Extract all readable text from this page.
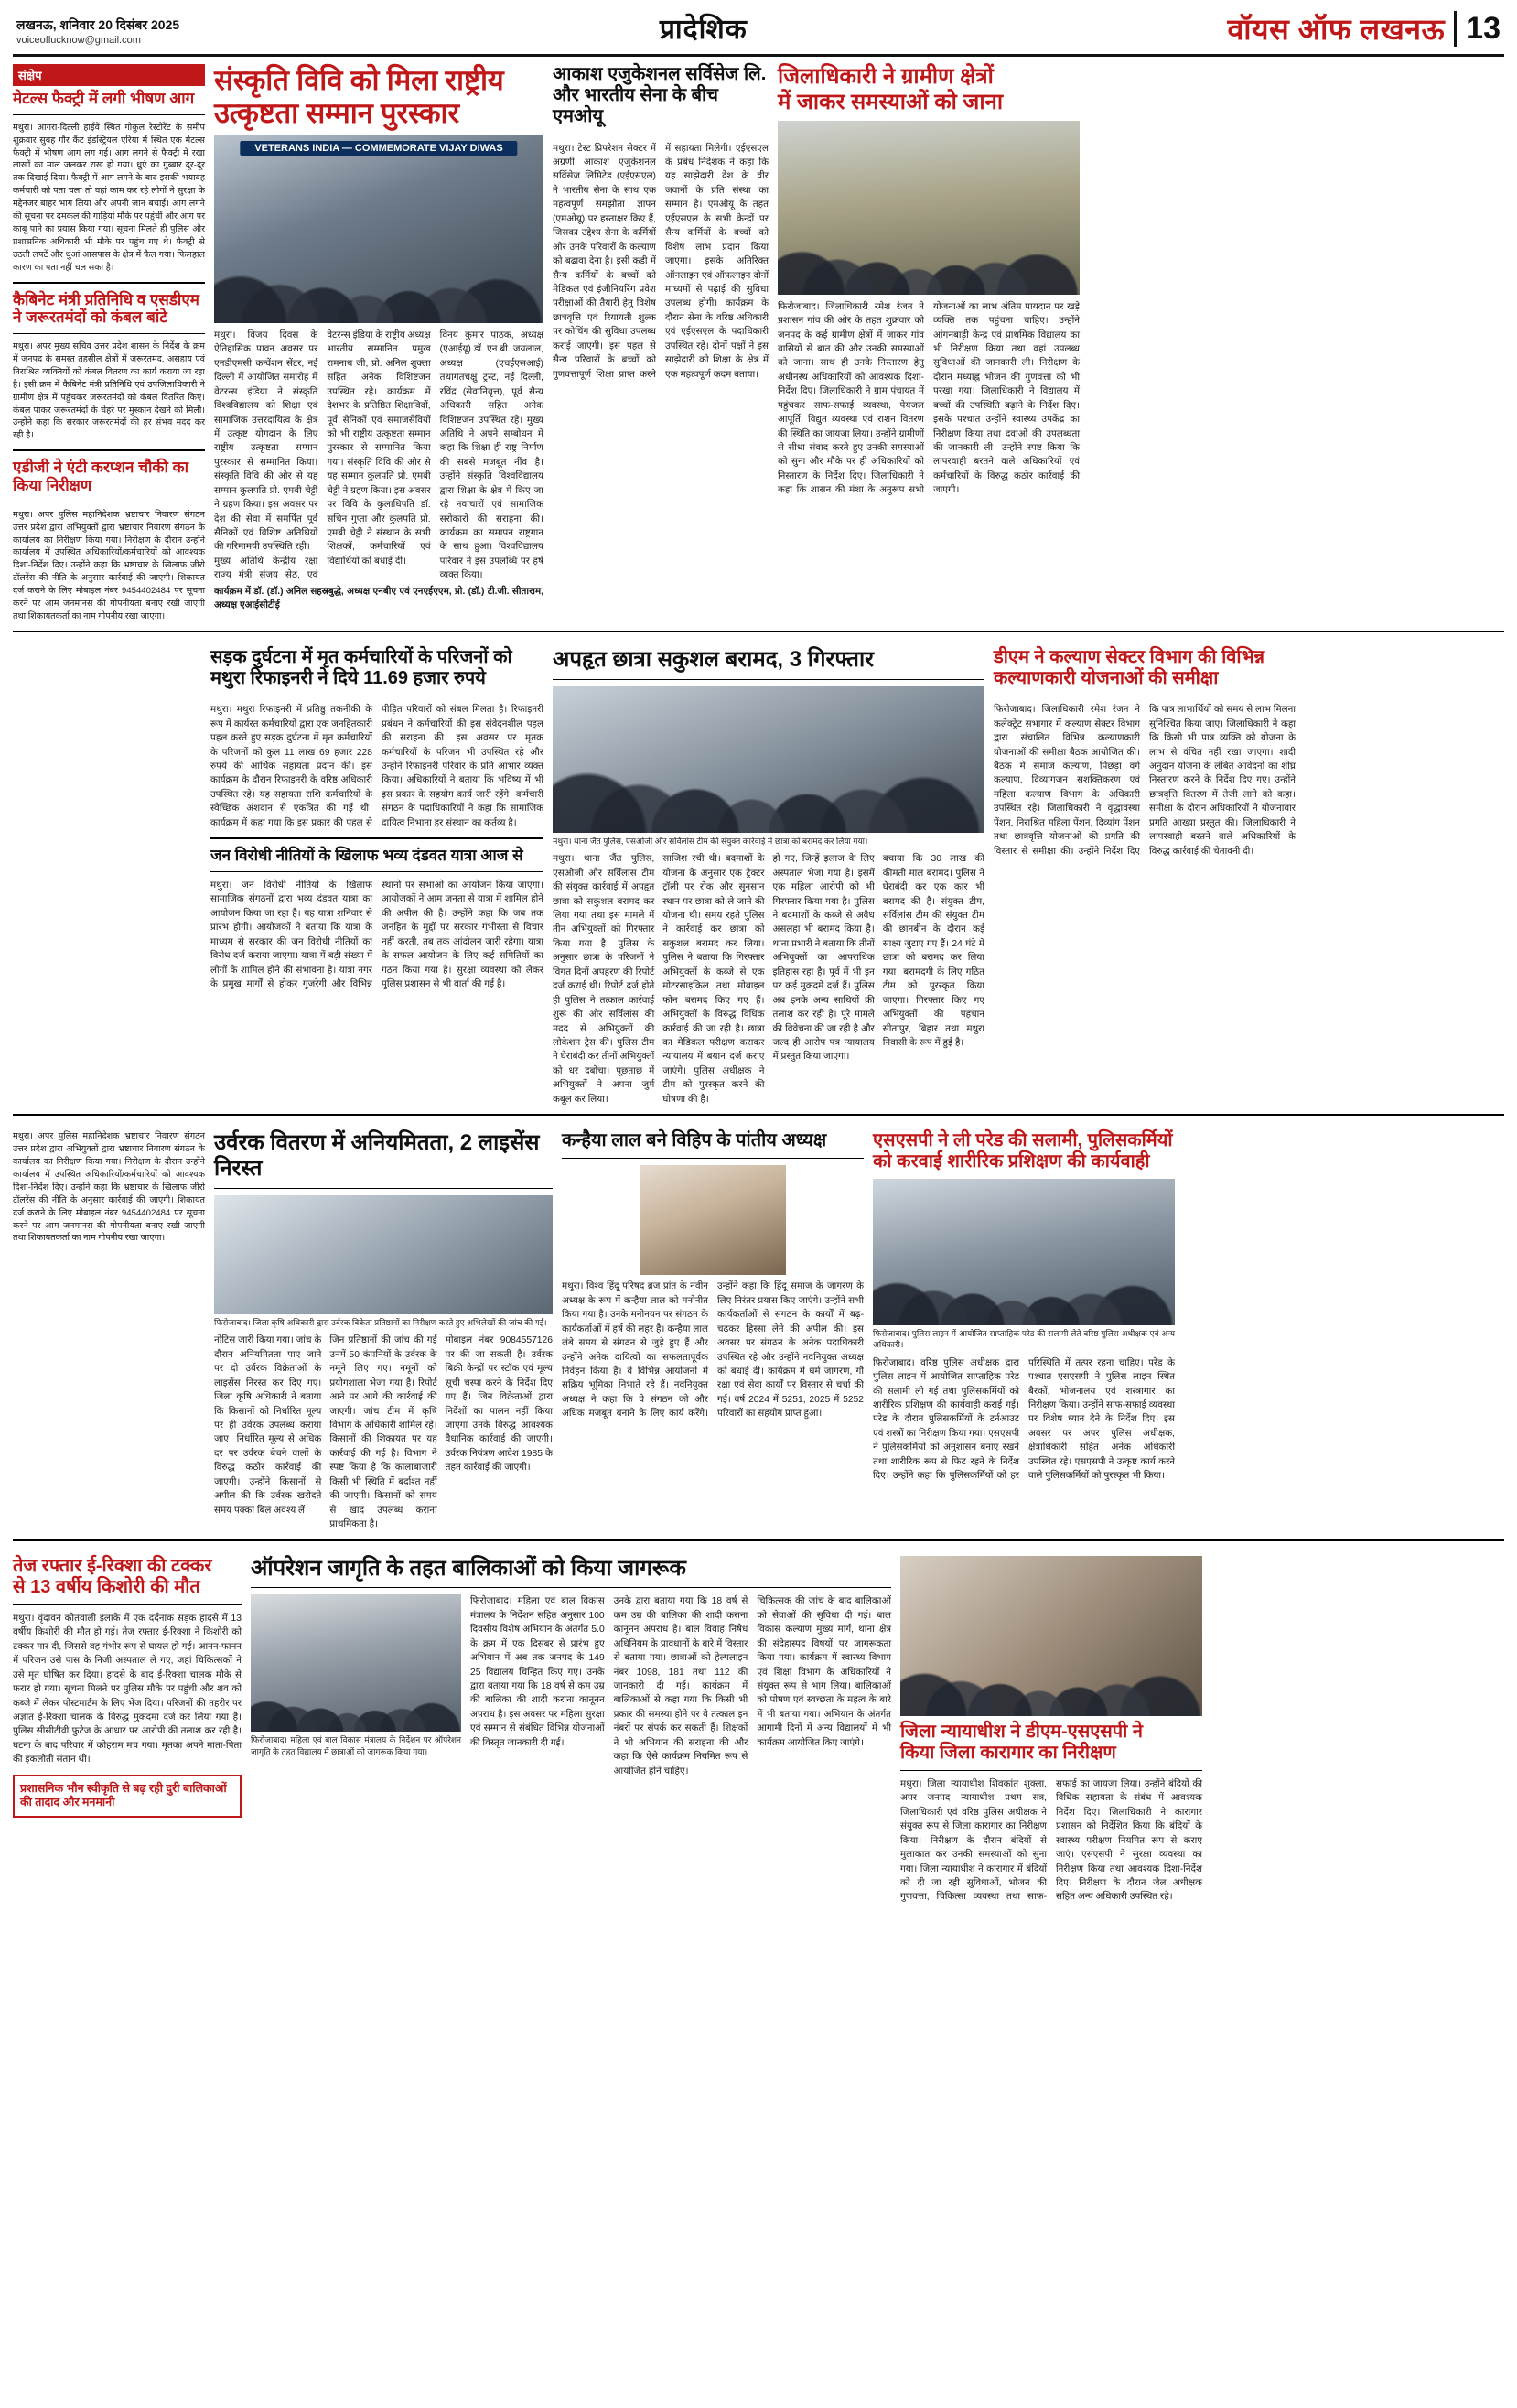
लखनऊ, शनिवार 20 दिसंबर 2025
voiceoflucknow@gmail.com	प्रादेशिक	वॉयस ऑफ लखनऊ 13
संक्षेप
मेटल्स फैक्ट्री में लगी भीषण आग
मथुरा। आगरा-दिल्ली हाईवे स्थित गोकुल रेस्टोरेंट के समीप शुक्रवार सुबह गौर कैंट इंडस्ट्रियल एरिया में स्थित एक मेटल्स फैक्ट्री में भीषण आग लग गई। आग लगने से फैक्ट्री में रखा लाखों का माल जलकर राख हो गया। धुएं का गुब्बार दूर-दूर तक दिखाई दिया। फैक्ट्री में आग लगने के बाद इसकी भयावह कर्मचारी को पता चला तो वहां काम कर रहे लोगों ने सुरक्षा के मद्देनजर बाहर भाग लिया और अपनी जान बचाई। आग लगने की सूचना पर दमकल की गाड़ियां मौके पर पहुंचीं और आग पर काबू पाने का प्रयास किया गया। सूचना मिलते ही पुलिस और प्रशासनिक अधिकारी भी मौके पर पहुंच गए थे। फैक्ट्री से उठती लपटें और धुआं आसपास के क्षेत्र में फैल गया। फिलहाल कारण का पता नहीं चल सका है।
कैबिनेट मंत्री प्रतिनिधि व एसडीएम ने जरूरतमंदों को कंबल बांटे
मथुरा। अपर मुख्य सचिव उत्तर प्रदेश शासन के निर्देश के क्रम में जनपद के समस्त तहसील क्षेत्रों में जरूरतमंद, असहाय एवं निराश्रित व्यक्तियों को कंबल वितरण का कार्य कराया जा रहा है। इसी क्रम में कैबिनेट मंत्री प्रतिनिधि एवं उपजिलाधिकारी ने ग्रामीण क्षेत्र में पहुंचकर जरूरतमंदों को कंबल वितरित किए। कंबल पाकर जरूरतमंदों के चेहरे पर मुस्कान देखने को मिली। उन्होंने कहा कि सरकार जरूरतमंदों की हर संभव मदद कर रही है।
एडीजी ने एंटी करप्शन चौकी का किया निरीक्षण
मथुरा। अपर पुलिस महानिदेशक भ्रष्टाचार निवारण संगठन उत्तर प्रदेश द्वारा अभियुक्तों द्वारा भ्रष्टाचार निवारण संगठन के कार्यालय का निरीक्षण किया गया। निरीक्षण के दौरान उन्होंने कार्यालय में उपस्थित अधिकारियों/कर्मचारियों को आवश्यक दिशा-निर्देश दिए। उन्होंने कहा कि भ्रष्टाचार के खिलाफ जीरो टॉलरेंस की नीति के अनुसार कार्रवाई की जाएगी। शिकायत दर्ज कराने के लिए मोबाइल नंबर 9454402484 पर सूचना करने पर आम जनमानस की गोपनीयता बनाए रखी जाएगी तथा शिकायतकर्ता का नाम गोपनीय रखा जाएगा।
संस्कृति विवि को मिला राष्ट्रीय
उत्कृष्टता सम्मान पुरस्कार
VETERANS INDIA — COMMEMORATE VIJAY DIWAS
मथुरा। विजय दिवस के ऐतिहासिक पावन अवसर पर एनडीएमसी कन्वेंशन सेंटर, नई दिल्ली में आयोजित समारोह में वेटरन्स इंडिया ने संस्कृति विश्वविद्यालय को शिक्षा एवं सामाजिक उत्तरदायित्व के क्षेत्र में उत्कृष्ट योगदान के लिए राष्ट्रीय उत्कृष्टता सम्मान पुरस्कार से सम्मानित किया। संस्कृति विवि की ओर से यह सम्मान कुलपति प्रो. एमबी चेट्टी ने ग्रहण किया। इस अवसर पर देश की सेवा में समर्पित पूर्व सैनिकों एवं विशिष्ट अतिथियों की गरिमामयी उपस्थिति रही।
मुख्य अतिथि केन्द्रीय रक्षा राज्य मंत्री संजय सेठ, एवं वेटरन्स इंडिया के राष्ट्रीय अध्यक्ष भारतीय सम्मानित प्रमुख रामनाथ जी, प्रो. अनिल शुक्ला सहित अनेक विशिष्टजन उपस्थित रहे। कार्यक्रम में देशभर के प्रतिष्ठित शिक्षाविदों, पूर्व सैनिकों एवं समाजसेवियों को भी राष्ट्रीय उत्कृष्टता सम्मान पुरस्कार से सम्मानित किया गया। संस्कृति विवि की ओर से यह सम्मान कुलपति प्रो. एमबी चेट्टी ने ग्रहण किया। इस अवसर पर विवि के कुलाधिपति डॉ. सचिन गुप्ता और कुलपति प्रो. एमबी चेट्टी ने संस्थान के सभी शिक्षकों, कर्मचारियों एवं विद्यार्थियों को बधाई दी।
विनय कुमार पाठक, अध्यक्ष (एआईयू) डॉ. एन.बी. जयलाल, अध्यक्ष (एचईएसआई) तथागतचक्षु ट्रस्ट, नई दिल्ली, रविंद्र (सेवानिवृत्त), पूर्व सैन्य अधिकारी सहित अनेक विशिष्टजन उपस्थित रहे। मुख्य अतिथि ने अपने सम्बोधन में कहा कि शिक्षा ही राष्ट्र निर्माण की सबसे मजबूत नींव है। उन्होंने संस्कृति विश्वविद्यालय द्वारा शिक्षा के क्षेत्र में किए जा रहे नवाचारों एवं सामाजिक सरोकारों की सराहना की। कार्यक्रम का समापन राष्ट्रगान के साथ हुआ। विश्वविद्यालय परिवार ने इस उपलब्धि पर हर्ष व्यक्त किया।
कार्यक्रम में डॉ. (डॉ.) अनिल सहस्रबुद्धे, अध्यक्ष एनबीए एवं एनएईएएम, प्रो. (डॉ.) टी.जी. सीताराम, अध्यक्ष एआईसीटीई
आकाश एजुकेशनल सर्विसेज लि. और भारतीय सेना के बीच एमओयू
मथुरा। टेस्ट प्रिपरेशन सेक्टर में अग्रणी आकाश एजुकेशनल सर्विसेज लिमिटेड (एईएसएल) ने भारतीय सेना के साथ एक महत्वपूर्ण समझौता ज्ञापन (एमओयू) पर हस्ताक्षर किए हैं, जिसका उद्देश्य सेना के कर्मियों और उनके परिवारों के कल्याण को बढ़ावा देना है। इसी कड़ी में सैन्य कर्मियों के बच्चों को मेडिकल एवं इंजीनियरिंग प्रवेश परीक्षाओं की तैयारी हेतु विशेष छात्रवृत्ति एवं रियायती शुल्क पर कोचिंग की सुविधा उपलब्ध कराई जाएगी। इस पहल से सैन्य परिवारों के बच्चों को गुणवत्तापूर्ण शिक्षा प्राप्त करने में सहायता मिलेगी। एईएसएल के प्रबंध निदेशक ने कहा कि यह साझेदारी देश के वीर जवानों के प्रति संस्था का सम्मान है। एमओयू के तहत एईएसएल के सभी केन्द्रों पर सैन्य कर्मियों के बच्चों को विशेष लाभ प्रदान किया जाएगा। इसके अतिरिक्त ऑनलाइन एवं ऑफलाइन दोनों माध्यमों से पढ़ाई की सुविधा उपलब्ध होगी। कार्यक्रम के दौरान सेना के वरिष्ठ अधिकारी एवं एईएसएल के पदाधिकारी उपस्थित रहे। दोनों पक्षों ने इस साझेदारी को शिक्षा के क्षेत्र में एक महत्वपूर्ण कदम बताया।
जिलाधिकारी ने ग्रामीण क्षेत्रों
में जाकर समस्याओं को जाना
फिरोजाबाद। जिलाधिकारी रमेश रंजन ने प्रशासन गांव की ओर के तहत शुक्रवार को जनपद के कई ग्रामीण क्षेत्रों में जाकर गांव वासियों से बात की और उनकी समस्याओं को जाना। साथ ही उनके निस्तारण हेतु अधीनस्थ अधिकारियों को आवश्यक दिशा-निर्देश दिए। जिलाधिकारी ने ग्राम पंचायत में पहुंचकर साफ-सफाई व्यवस्था, पेयजल आपूर्ति, विद्युत व्यवस्था एवं राशन वितरण की स्थिति का जायजा लिया। उन्होंने ग्रामीणों से सीधा संवाद करते हुए उनकी समस्याओं को सुना और मौके पर ही अधिकारियों को निस्तारण के निर्देश दिए। जिलाधिकारी ने कहा कि शासन की मंशा के अनुरूप सभी योजनाओं का लाभ अंतिम पायदान पर खड़े व्यक्ति तक पहुंचना चाहिए। उन्होंने आंगनबाड़ी केन्द्र एवं प्राथमिक विद्यालय का भी निरीक्षण किया तथा वहां उपलब्ध सुविधाओं की जानकारी ली। निरीक्षण के दौरान मध्याह्न भोजन की गुणवत्ता को भी परखा गया। जिलाधिकारी ने विद्यालय में बच्चों की उपस्थिति बढ़ाने के निर्देश दिए। इसके पश्चात उन्होंने स्वास्थ्य उपकेंद्र का निरीक्षण किया तथा दवाओं की उपलब्धता की जानकारी ली। उन्होंने स्पष्ट किया कि लापरवाही बरतने वाले अधिकारियों एवं कर्मचारियों के विरुद्ध कठोर कार्रवाई की जाएगी।
सड़क दुर्घटना में मृत कर्मचारियों के परिजनों को
मथुरा रिफाइनरी ने दिये 11.69 हजार रुपये
मथुरा। मथुरा रिफाइनरी में प्रतिष्ठु तकनीकी के रूप में कार्यरत कर्मचारियों द्वारा एक जनहितकारी पहल करते हुए सड़क दुर्घटना में मृत कर्मचारियों के परिजनों को कुल 11 लाख 69 हजार 228 रुपये की आर्थिक सहायता प्रदान की। इस कार्यक्रम के दौरान रिफाइनरी के वरिष्ठ अधिकारी उपस्थित रहे। यह सहायता राशि कर्मचारियों के स्वैच्छिक अंशदान से एकत्रित की गई थी। कार्यक्रम में कहा गया कि इस प्रकार की पहल से पीड़ित परिवारों को संबल मिलता है। रिफाइनरी प्रबंधन ने कर्मचारियों की इस संवेदनशील पहल की सराहना की। इस अवसर पर मृतक कर्मचारियों के परिजन भी उपस्थित रहे और उन्होंने रिफाइनरी परिवार के प्रति आभार व्यक्त किया। अधिकारियों ने बताया कि भविष्य में भी इस प्रकार के सहयोग कार्य जारी रहेंगे। कर्मचारी संगठन के पदाधिकारियों ने कहा कि सामाजिक दायित्व निभाना हर संस्थान का कर्तव्य है।
जन विरोधी नीतियों के खिलाफ भव्य दंडवत यात्रा आज से
मथुरा। जन विरोधी नीतियों के खिलाफ सामाजिक संगठनों द्वारा भव्य दंडवत यात्रा का आयोजन किया जा रहा है। यह यात्रा शनिवार से प्रारंभ होगी। आयोजकों ने बताया कि यात्रा के माध्यम से सरकार की जन विरोधी नीतियों का विरोध दर्ज कराया जाएगा। यात्रा में बड़ी संख्या में लोगों के शामिल होने की संभावना है। यात्रा नगर के प्रमुख मार्गों से होकर गुजरेगी और विभिन्न स्थानों पर सभाओं का आयोजन किया जाएगा। आयोजकों ने आम जनता से यात्रा में शामिल होने की अपील की है। उन्होंने कहा कि जब तक जनहित के मुद्दों पर सरकार गंभीरता से विचार नहीं करती, तब तक आंदोलन जारी रहेगा। यात्रा के सफल आयोजन के लिए कई समितियों का गठन किया गया है। सुरक्षा व्यवस्था को लेकर पुलिस प्रशासन से भी वार्ता की गई है।
अपहृत छात्रा सकुशल बरामद, 3 गिरफ्तार
मथुरा। थाना जैंत पुलिस, एसओजी और सर्विलांस टीम की संयुक्त कार्रवाई में छात्रा को बरामद कर लिया गया।
मथुरा। थाना जैंत पुलिस, एसओजी और सर्विलांस टीम की संयुक्त कार्रवाई में अपहृत छात्रा को सकुशल बरामद कर लिया गया तथा इस मामले में तीन अभियुक्तों को गिरफ्तार किया गया है। पुलिस के अनुसार छात्रा के परिजनों ने विगत दिनों अपहरण की रिपोर्ट दर्ज कराई थी। रिपोर्ट दर्ज होते ही पुलिस ने तत्काल कार्रवाई शुरू की और सर्विलांस की मदद से अभियुक्तों की लोकेशन ट्रेस की। पुलिस टीम ने घेराबंदी कर तीनों अभियुक्तों को धर दबोचा। पूछताछ में अभियुक्तों ने अपना जुर्म कबूल कर लिया।
साजिश रची थी। बदमाशों के योजना के अनुसार एक ट्रैक्टर ट्रॉली पर रोक और सुनसान स्थान पर छात्रा को ले जाने की योजना थी। समय रहते पुलिस ने कार्रवाई कर छात्रा को सकुशल बरामद कर लिया। पुलिस ने बताया कि गिरफ्तार अभियुक्तों के कब्जे से एक मोटरसाइकिल तथा मोबाइल फोन बरामद किए गए हैं। अभियुक्तों के विरुद्ध विधिक कार्रवाई की जा रही है। छात्रा का मेडिकल परीक्षण कराकर न्यायालय में बयान दर्ज कराए जाएंगे। पुलिस अधीक्षक ने टीम को पुरस्कृत करने की घोषणा की है।
हो गए, जिन्हें इलाज के लिए अस्पताल भेजा गया है। इसमें एक महिला आरोपी को भी गिरफ्तार किया गया है। पुलिस ने बदमाशों के कब्जे से अवैध असलहा भी बरामद किया है। थाना प्रभारी ने बताया कि तीनों अभियुक्तों का आपराधिक इतिहास रहा है। पूर्व में भी इन पर कई मुकदमे दर्ज हैं। पुलिस अब इनके अन्य साथियों की तलाश कर रही है। पूरे मामले की विवेचना की जा रही है और जल्द ही आरोप पत्र न्यायालय में प्रस्तुत किया जाएगा।
बचाया कि 30 लाख की कीमती माल बरामद। पुलिस ने घेराबंदी कर एक कार भी बरामद की है। संयुक्त टीम, सर्विलांस टीम की संयुक्त टीम की छानबीन के दौरान कई साक्ष्य जुटाए गए हैं। 24 घंटे में छात्रा को बरामद कर लिया गया। बरामदगी के लिए गठित टीम को पुरस्कृत किया जाएगा। गिरफ्तार किए गए अभियुक्तों की पहचान सीतापुर, बिहार तथा मथुरा निवासी के रूप में हुई है।
डीएम ने कल्याण सेक्टर विभाग की विभिन्न
कल्याणकारी योजनाओं की समीक्षा
फिरोजाबाद। जिलाधिकारी रमेश रंजन ने कलेक्ट्रेट सभागार में कल्याण सेक्टर विभाग द्वारा संचालित विभिन्न कल्याणकारी योजनाओं की समीक्षा बैठक आयोजित की। बैठक में समाज कल्याण, पिछड़ा वर्ग कल्याण, दिव्यांगजन सशक्तिकरण एवं महिला कल्याण विभाग के अधिकारी उपस्थित रहे। जिलाधिकारी ने वृद्धावस्था पेंशन, निराश्रित महिला पेंशन, दिव्यांग पेंशन तथा छात्रवृत्ति योजनाओं की प्रगति की विस्तार से समीक्षा की। उन्होंने निर्देश दिए कि पात्र लाभार्थियों को समय से लाभ मिलना सुनिश्चित किया जाए। जिलाधिकारी ने कहा कि किसी भी पात्र व्यक्ति को योजना के लाभ से वंचित नहीं रखा जाएगा। शादी अनुदान योजना के लंबित आवेदनों का शीघ्र निस्तारण करने के निर्देश दिए गए। उन्होंने छात्रवृत्ति वितरण में तेजी लाने को कहा। समीक्षा के दौरान अधिकारियों ने योजनावार प्रगति आख्या प्रस्तुत की। जिलाधिकारी ने लापरवाही बरतने वाले अधिकारियों के विरुद्ध कार्रवाई की चेतावनी दी।
मथुरा। अपर पुलिस महानिदेशक भ्रष्टाचार निवारण संगठन उत्तर प्रदेश द्वारा अभियुक्तों द्वारा भ्रष्टाचार निवारण संगठन के कार्यालय का निरीक्षण किया गया। निरीक्षण के दौरान उन्होंने कार्यालय में उपस्थित अधिकारियों/कर्मचारियों को आवश्यक दिशा-निर्देश दिए। उन्होंने कहा कि भ्रष्टाचार के खिलाफ जीरो टॉलरेंस की नीति के अनुसार कार्रवाई की जाएगी। शिकायत दर्ज कराने के लिए मोबाइल नंबर 9454402484 पर सूचना करने पर आम जनमानस की गोपनीयता बनाए रखी जाएगी तथा शिकायतकर्ता का नाम गोपनीय रखा जाएगा।
उर्वरक वितरण में अनियमितता, 2 लाइसेंस निरस्त
फिरोजाबाद। जिला कृषि अधिकारी द्वारा उर्वरक विक्रेता प्रतिष्ठानों का निरीक्षण करते हुए अभिलेखों की जांच की गई।
नोटिस जारी किया गया। जांच के दौरान अनियमितता पाए जाने पर दो उर्वरक विक्रेताओं के लाइसेंस निरस्त कर दिए गए। जिला कृषि अधिकारी ने बताया कि किसानों को निर्धारित मूल्य पर ही उर्वरक उपलब्ध कराया जाए। निर्धारित मूल्य से अधिक दर पर उर्वरक बेचने वालों के विरुद्ध कठोर कार्रवाई की जाएगी। उन्होंने किसानों से अपील की कि उर्वरक खरीदते समय पक्का बिल अवश्य लें।
जिन प्रतिष्ठानों की जांच की गई उनमें 50 कंपनियों के उर्वरक के नमूने लिए गए। नमूनों को प्रयोगशाला भेजा गया है। रिपोर्ट आने पर आगे की कार्रवाई की जाएगी। जांच टीम में कृषि विभाग के अधिकारी शामिल रहे। किसानों की शिकायत पर यह कार्रवाई की गई है। विभाग ने स्पष्ट किया है कि कालाबाजारी किसी भी स्थिति में बर्दाश्त नहीं की जाएगी। किसानों को समय से खाद उपलब्ध कराना प्राथमिकता है।
मोबाइल नंबर 9084557126 पर की जा सकती है। उर्वरक बिक्री केन्द्रों पर स्टॉक एवं मूल्य सूची चस्पा करने के निर्देश दिए गए हैं। जिन विक्रेताओं द्वारा निर्देशों का पालन नहीं किया जाएगा उनके विरुद्ध आवश्यक वैधानिक कार्रवाई की जाएगी। उर्वरक नियंत्रण आदेश 1985 के तहत कार्रवाई की जाएगी।
कन्हैया लाल बने विहिप के पांतीय अध्यक्ष
मथुरा। विश्व हिंदू परिषद ब्रज प्रांत के नवीन अध्यक्ष के रूप में कन्हैया लाल को मनोनीत किया गया है। उनके मनोनयन पर संगठन के कार्यकर्ताओं में हर्ष की लहर है। कन्हैया लाल लंबे समय से संगठन से जुड़े हुए हैं और उन्होंने अनेक दायित्वों का सफलतापूर्वक निर्वहन किया है। वे विभिन्न आयोजनों में सक्रिय भूमिका निभाते रहे हैं। नवनियुक्त अध्यक्ष ने कहा कि वे संगठन को और अधिक मजबूत बनाने के लिए कार्य करेंगे। उन्होंने कहा कि हिंदू समाज के जागरण के लिए निरंतर प्रयास किए जाएंगे। उन्होंने सभी कार्यकर्ताओं से संगठन के कार्यों में बढ़-चढ़कर हिस्सा लेने की अपील की। इस अवसर पर संगठन के अनेक पदाधिकारी उपस्थित रहे और उन्होंने नवनियुक्त अध्यक्ष को बधाई दी। कार्यक्रम में धर्म जागरण, गौ रक्षा एवं सेवा कार्यों पर विस्तार से चर्चा की गई। वर्ष 2024 में 5251, 2025 में 5252 परिवारों का सहयोग प्राप्त हुआ।
एसएसपी ने ली परेड की सलामी, पुलिसकर्मियों
को करवाई शारीरिक प्रशिक्षण की कार्यवाही
फिरोजाबाद। पुलिस लाइन में आयोजित साप्ताहिक परेड की सलामी लेते वरिष्ठ पुलिस अधीक्षक एवं अन्य अधिकारी।
फिरोजाबाद। वरिष्ठ पुलिस अधीक्षक द्वारा पुलिस लाइन में आयोजित साप्ताहिक परेड की सलामी ली गई तथा पुलिसकर्मियों को शारीरिक प्रशिक्षण की कार्यवाही कराई गई। परेड के दौरान पुलिसकर्मियों के टर्नआउट एवं शस्त्रों का निरीक्षण किया गया। एसएसपी ने पुलिसकर्मियों को अनुशासन बनाए रखने तथा शारीरिक रूप से फिट रहने के निर्देश दिए। उन्होंने कहा कि पुलिसकर्मियों को हर परिस्थिति में तत्पर रहना चाहिए। परेड के पश्चात एसएसपी ने पुलिस लाइन स्थित बैरकों, भोजनालय एवं शस्त्रागार का निरीक्षण किया। उन्होंने साफ-सफाई व्यवस्था पर विशेष ध्यान देने के निर्देश दिए। इस अवसर पर अपर पुलिस अधीक्षक, क्षेत्राधिकारी सहित अनेक अधिकारी उपस्थित रहे। एसएसपी ने उत्कृष्ट कार्य करने वाले पुलिसकर्मियों को पुरस्कृत भी किया।
तेज रफ्तार ई-रिक्शा की टक्कर
से 13 वर्षीय किशोरी की मौत
मथुरा। वृंदावन कोतवाली इलाके में एक दर्दनाक सड़क हादसे में 13 वर्षीय किशोरी की मौत हो गई। तेज रफ्तार ई-रिक्शा ने किशोरी को टक्कर मार दी, जिससे वह गंभीर रूप से घायल हो गई। आनन-फानन में परिजन उसे पास के निजी अस्पताल ले गए, जहां चिकित्सकों ने उसे मृत घोषित कर दिया। हादसे के बाद ई-रिक्शा चालक मौके से फरार हो गया। सूचना मिलने पर पुलिस मौके पर पहुंची और शव को कब्जे में लेकर पोस्टमार्टम के लिए भेज दिया। परिजनों की तहरीर पर अज्ञात ई-रिक्शा चालक के विरुद्ध मुकदमा दर्ज कर लिया गया है। पुलिस सीसीटीवी फुटेज के आधार पर आरोपी की तलाश कर रही है। घटना के बाद परिवार में कोहराम मच गया। मृतका अपने माता-पिता की इकलौती संतान थी।
प्रशासनिक भौन स्वीकृति से बढ़ रही दुरी बालिकाओं की तादाद और मनमानी
ऑपरेशन जागृति के तहत बालिकाओं को किया जागरूक
फिरोजाबाद। महिला एवं बाल विकास मंत्रालय के निर्देशन पर ऑपरेशन जागृति के तहत विद्यालय में छात्राओं को जागरूक किया गया।
फिरोजाबाद। महिला एवं बाल विकास मंत्रालय के निर्देशन सहित अनुसार 100 दिवसीय विशेष अभियान के अंतर्गत 5.0 के क्रम में एक दिसंबर से प्रारंभ हुए अभियान में अब तक जनपद के 149 25 विद्यालय चिन्हित किए गए। उनके द्वारा बताया गया कि 18 वर्ष से कम उम्र की बालिका की शादी कराना कानूनन अपराध है। इस अवसर पर महिला सुरक्षा एवं सम्मान से संबंधित विभिन्न योजनाओं की विस्तृत जानकारी दी गई।
उनके द्वारा बताया गया कि 18 वर्ष से कम उम्र की बालिका की शादी कराना कानूनन अपराध है। बाल विवाह निषेध अधिनियम के प्रावधानों के बारे में विस्तार से बताया गया। छात्राओं को हेल्पलाइन नंबर 1098, 181 तथा 112 की जानकारी दी गई। कार्यक्रम में बालिकाओं से कहा गया कि किसी भी प्रकार की समस्या होने पर वे तत्काल इन नंबरों पर संपर्क कर सकती हैं। शिक्षकों ने भी अभियान की सराहना की और कहा कि ऐसे कार्यक्रम नियमित रूप से आयोजित होने चाहिए।
चिकित्सक की जांच के बाद बालिकाओं को सेवाओं की सुविधा दी गई। बाल विकास कल्याण मुख्य मार्ग, थाना क्षेत्र की संदेहास्पद विषयों पर जागरूकता किया गया। कार्यक्रम में स्वास्थ्य विभाग एवं शिक्षा विभाग के अधिकारियों ने संयुक्त रूप से भाग लिया। बालिकाओं को पोषण एवं स्वच्छता के महत्व के बारे में भी बताया गया। अभियान के अंतर्गत आगामी दिनों में अन्य विद्यालयों में भी कार्यक्रम आयोजित किए जाएंगे।
जिला न्यायाधीश ने डीएम-एसएसपी ने
किया जिला कारागार का निरीक्षण
मथुरा। जिला न्यायाधीश शिवकांत शुक्ला, अपर जनपद न्यायाधीश प्रथम सत्र, जिलाधिकारी एवं वरिष्ठ पुलिस अधीक्षक ने संयुक्त रूप से जिला कारागार का निरीक्षण किया। निरीक्षण के दौरान बंदियों से मुलाकात कर उनकी समस्याओं को सुना गया। जिला न्यायाधीश ने कारागार में बंदियों को दी जा रही सुविधाओं, भोजन की गुणवत्ता, चिकित्सा व्यवस्था तथा साफ-सफाई का जायजा लिया। उन्होंने बंदियों की विधिक सहायता के संबंध में आवश्यक निर्देश दिए। जिलाधिकारी ने कारागार प्रशासन को निर्देशित किया कि बंदियों के स्वास्थ्य परीक्षण नियमित रूप से कराए जाएं। एसएसपी ने सुरक्षा व्यवस्था का निरीक्षण किया तथा आवश्यक दिशा-निर्देश दिए। निरीक्षण के दौरान जेल अधीक्षक सहित अन्य अधिकारी उपस्थित रहे।
